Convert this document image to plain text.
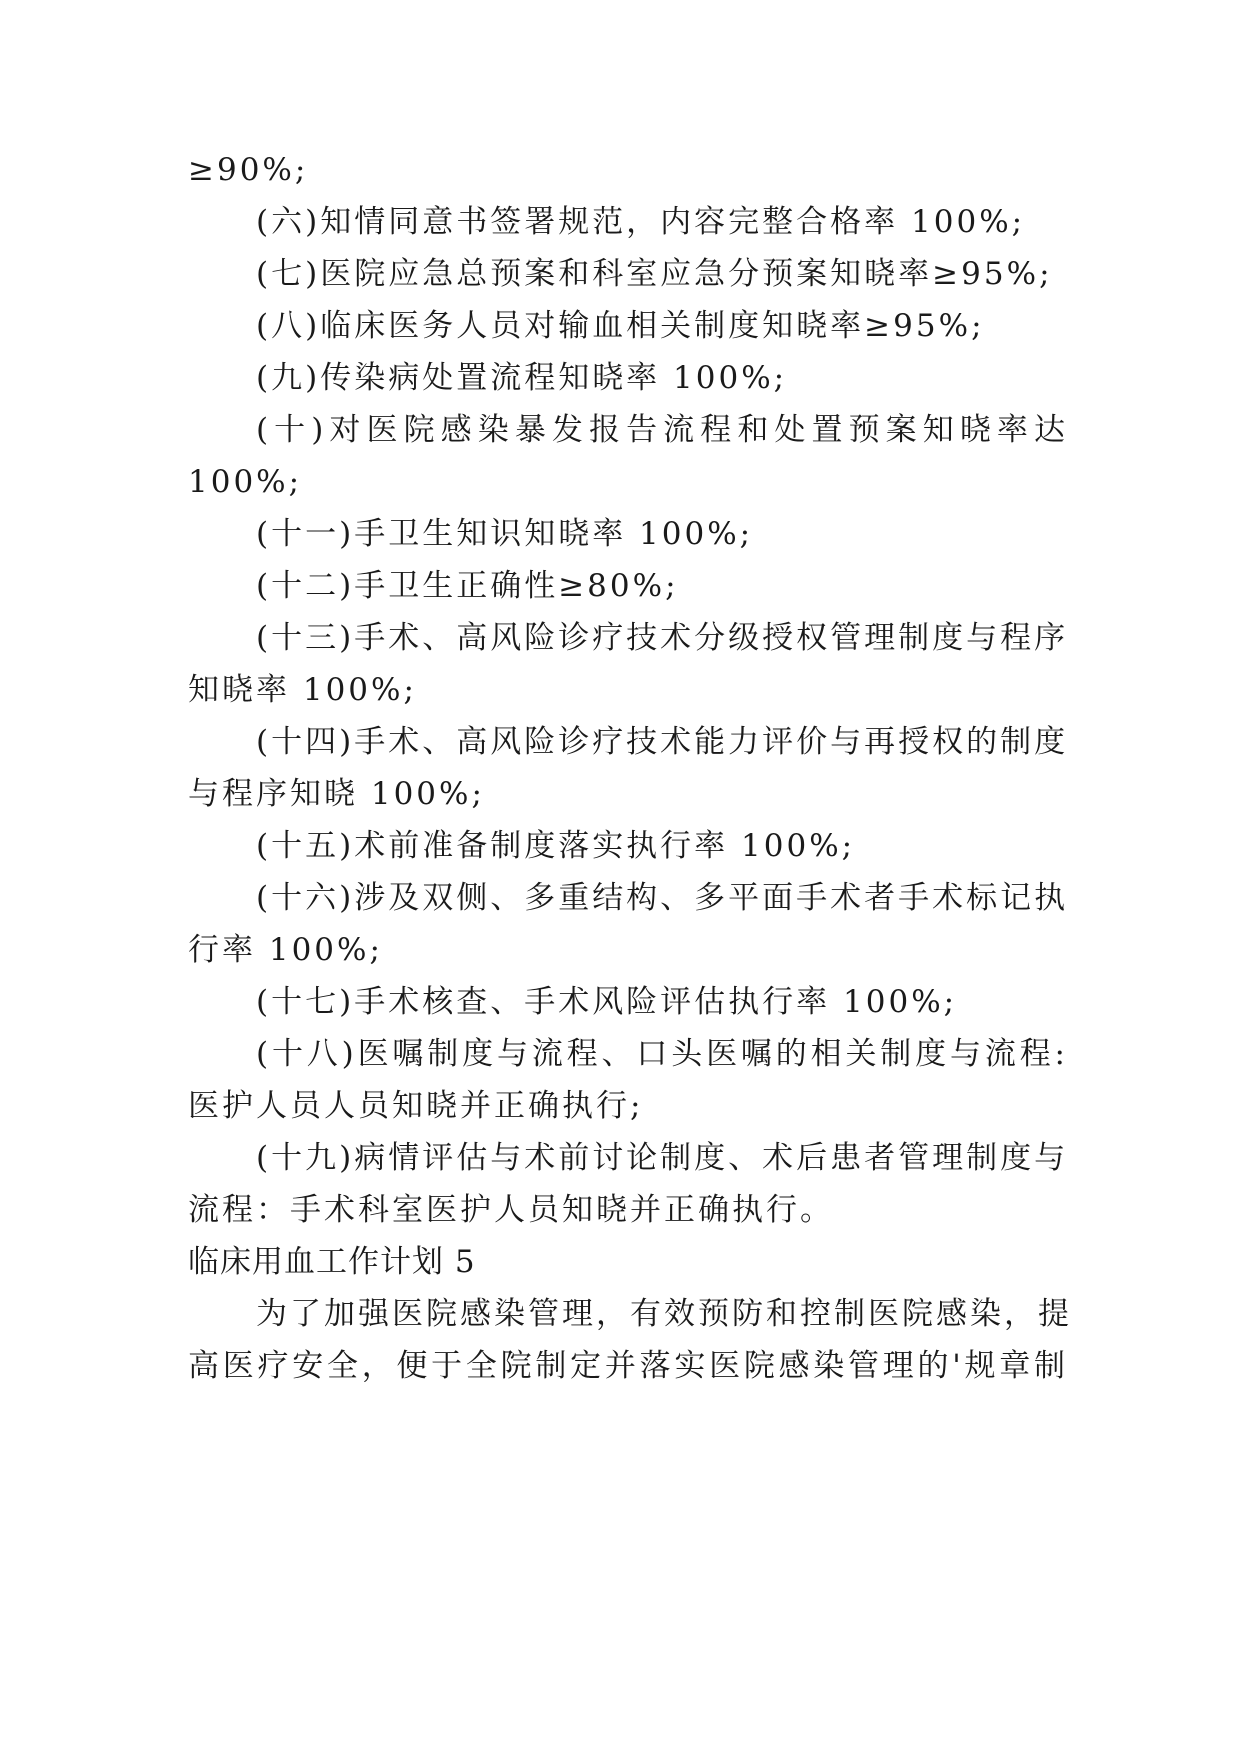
≥90%;
(六)知情同意书签署规范，内容完整合格率 100%;
(七)医院应急总预案和科室应急分预案知晓率≥95%;
(八)临床医务人员对输血相关制度知晓率≥95%;
(九)传染病处置流程知晓率 100%;
(十)对医院感染暴发报告流程和处置预案知晓率达
100%;
(十一)手卫生知识知晓率 100%;
(十二)手卫生正确性≥80%;
(十三)手术、高风险诊疗技术分级授权管理制度与程序
知晓率 100%;
(十四)手术、高风险诊疗技术能力评价与再授权的制度
与程序知晓 100%;
(十五)术前准备制度落实执行率 100%;
(十六)涉及双侧、多重结构、多平面手术者手术标记执
行率 100%;
(十七)手术核查、手术风险评估执行率 100%;
(十八)医嘱制度与流程、口头医嘱的相关制度与流程:
医护人员人员知晓并正确执行;
(十九)病情评估与术前讨论制度、术后患者管理制度与
流程：手术科室医护人员知晓并正确执行。
临床用血工作计划 5
为了加强医院感染管理，有效预防和控制医院感染，提
高医疗安全，便于全院制定并落实医院感染管理的'规章制
